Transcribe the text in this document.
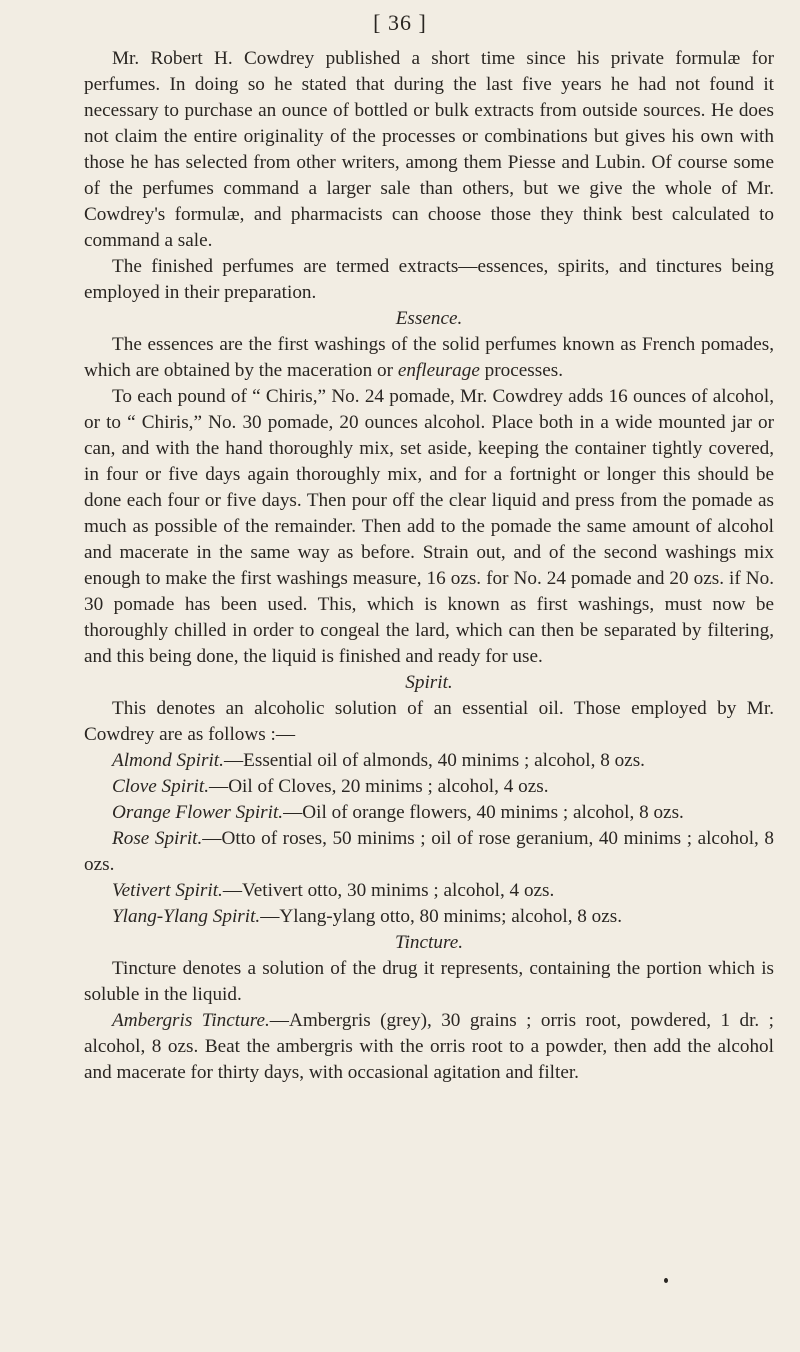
[ 36 ]

Mr. Robert H. Cowdrey published a short time since his private formulæ for perfumes. In doing so he stated that during the last five years he had not found it necessary to purchase an ounce of bottled or bulk extracts from outside sources. He does not claim the entire originality of the processes or combinations but gives his own with those he has selected from other writers, among them Piesse and Lubin. Of course some of the perfumes command a larger sale than others, but we give the whole of Mr. Cowdrey's formulæ, and pharmacists can choose those they think best calculated to command a sale.

The finished perfumes are termed extracts—essences, spirits, and tinctures being employed in their preparation.

Essence.

The essences are the first washings of the solid perfumes known as French pomades, which are obtained by the maceration or enfleurage processes.

To each pound of “ Chiris,” No. 24 pomade, Mr. Cowdrey adds 16 ounces of alcohol, or to “ Chiris,” No. 30 pomade, 20 ounces alcohol. Place both in a wide mounted jar or can, and with the hand thoroughly mix, set aside, keeping the container tightly covered, in four or five days again thoroughly mix, and for a fortnight or longer this should be done each four or five days. Then pour off the clear liquid and press from the pomade as much as possible of the remainder. Then add to the pomade the same amount of alcohol and macerate in the same way as before. Strain out, and of the second washings mix enough to make the first washings measure, 16 ozs. for No. 24 pomade and 20 ozs. if No. 30 pomade has been used. This, which is known as first washings, must now be thoroughly chilled in order to congeal the lard, which can then be separated by filtering, and this being done, the liquid is finished and ready for use.

Spirit.

This denotes an alcoholic solution of an essential oil. Those employed by Mr. Cowdrey are as follows :—

Almond Spirit.—Essential oil of almonds, 40 minims ; alcohol, 8 ozs.

Clove Spirit.—Oil of Cloves, 20 minims ; alcohol, 4 ozs.

Orange Flower Spirit.—Oil of orange flowers, 40 minims ; alcohol, 8 ozs.

Rose Spirit.—Otto of roses, 50 minims ; oil of rose geranium, 40 minims ; alcohol, 8 ozs.

Vetivert Spirit.—Vetivert otto, 30 minims ; alcohol, 4 ozs.

Ylang-Ylang Spirit.—Ylang-ylang otto, 80 minims; alcohol, 8 ozs.

Tincture.

Tincture denotes a solution of the drug it represents, containing the portion which is soluble in the liquid.

Ambergris Tincture.—Ambergris (grey), 30 grains ; orris root, powdered, 1 dr. ; alcohol, 8 ozs. Beat the ambergris with the orris root to a powder, then add the alcohol and macerate for thirty days, with occasional agitation and filter.
